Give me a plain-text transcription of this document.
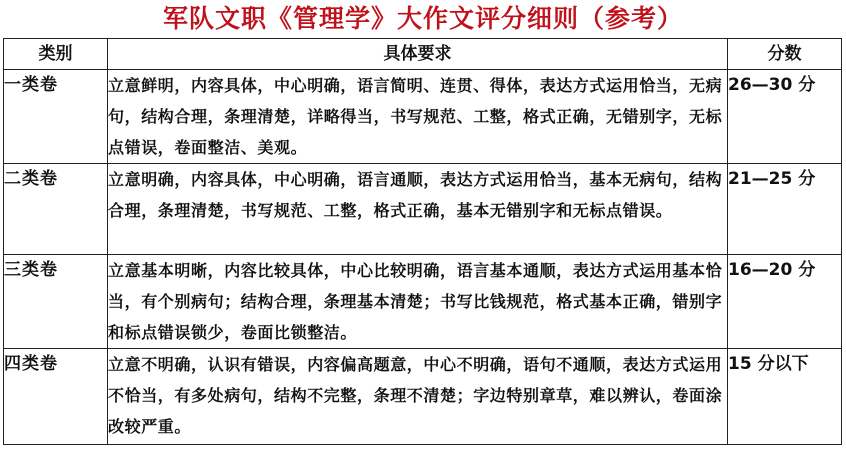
军队文职《管理学》大作文评分细则（参考）
类别	具体要求	分数
一类卷	立意鲜明，内容具体，中心明确，语言简明、连贯、得体，表达方式运用恰当，无病句，结构合理，条理清楚，详略得当，书写规范、工整，格式正确，无错别字，无标点错误，卷面整洁、美观。	26—30 分
二类卷	立意明确，内容具体，中心明确，语言通顺，表达方式运用恰当，基本无病句，结构合理，条理清楚，书写规范、工整，格式正确，基本无错别字和无标点错误。	21—25 分
三类卷	立意基本明晰，内容比较具体，中心比较明确，语言基本通顺，表达方式运用基本恰当，有个别病句；结构合理，条理基本清楚；书写比钱规范，格式基本正确，错别字和标点错误锁少，卷面比锁整洁。	16—20 分
四类卷	立意不明确，认识有错误，内容偏高题意，中心不明确，语句不通顺，表达方式运用不恰当，有多处病句，结构不完整，条理不清楚；字边特别章草，难以辨认，卷面涂改较严重。	15 分以下
